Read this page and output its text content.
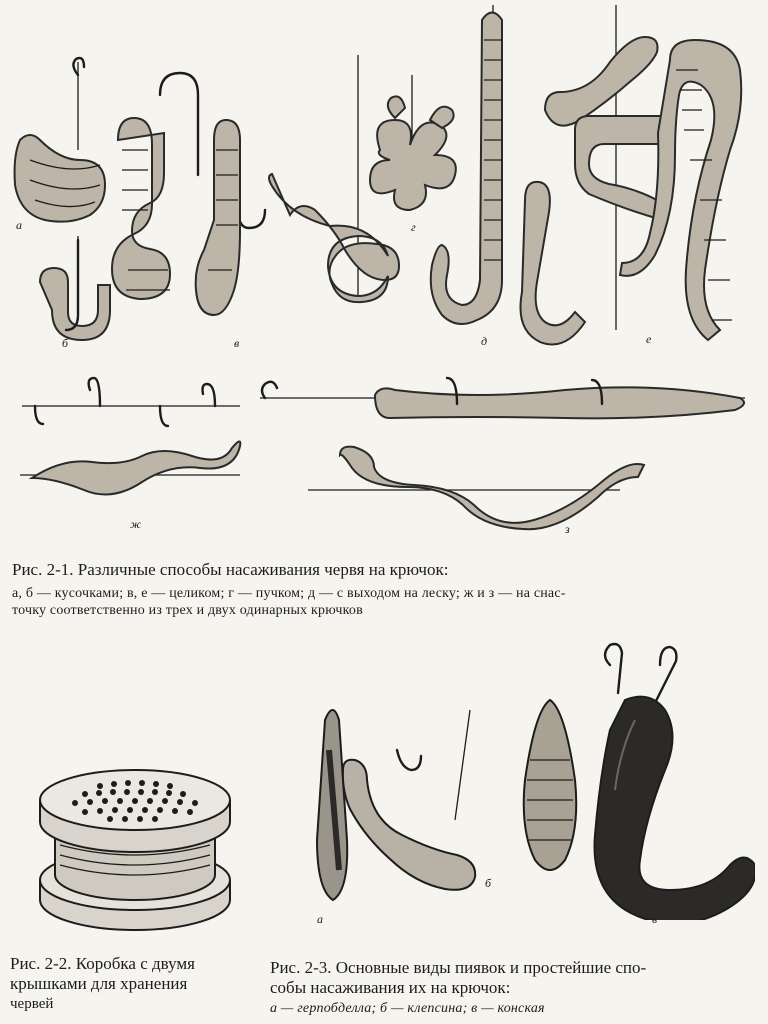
а
б	в
г
д	е
ж	з
Рис. 2-1. Различные способы насаживания червя на крючок:
а, б — кусочками; в, е — целиком; г — пучком; д — с выходом на леску; ж и з — на снас-
точку соответственно из трех и двух одинарных крючков
Рис. 2-2. Коробка с двумя
крышками для хранения
червей
а
б
в
Рис. 2-3. Основные виды пиявок и простейшие спо-
собы насаживания их на крючок:
а — герпобделла; б — клепсина; в — конская
